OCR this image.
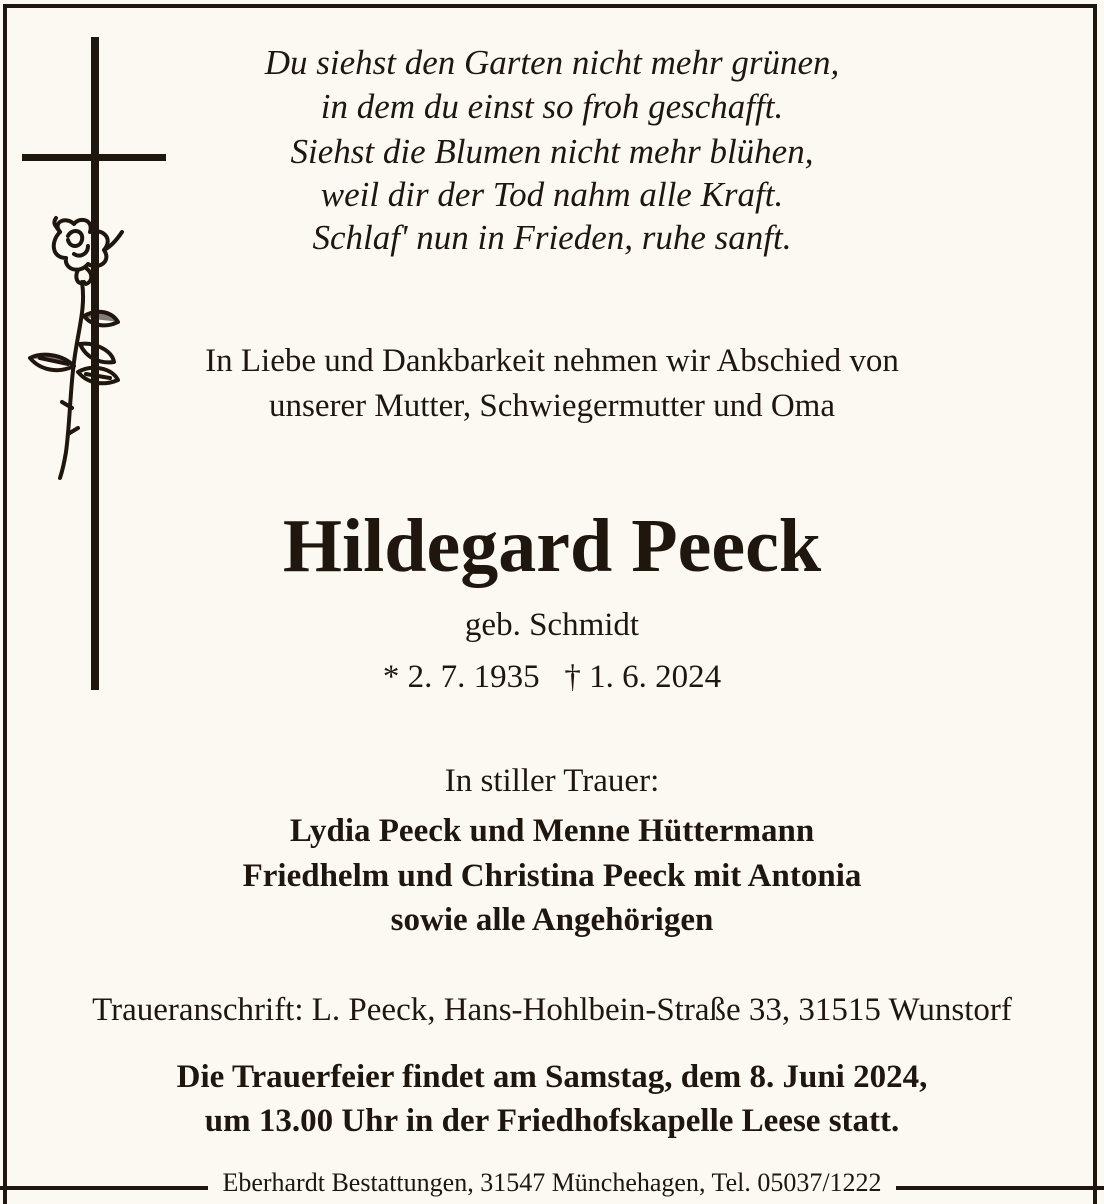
Du siehst den Garten nicht mehr grünen,
in dem du einst so froh geschafft.
Siehst die Blumen nicht mehr blühen,
weil dir der Tod nahm alle Kraft.
Schlaf' nun in Frieden, ruhe sanft.
In Liebe und Dankbarkeit nehmen wir Abschied von
unserer Mutter, Schwiegermutter und Oma
Hildegard Peeck
geb. Schmidt
* 2. 7. 1935   † 1. 6. 2024
In stiller Trauer:
Lydia Peeck und Menne Hüttermann
Friedhelm und Christina Peeck mit Antonia
sowie alle Angehörigen
Traueranschrift: L. Peeck, Hans-Hohlbein-Straße 33, 31515 Wunstorf
Die Trauerfeier findet am Samstag, dem 8. Juni 2024,
um 13.00 Uhr in der Friedhofskapelle Leese statt.
Eberhardt Bestattungen, 31547 Münchehagen, Tel. 05037/1222
